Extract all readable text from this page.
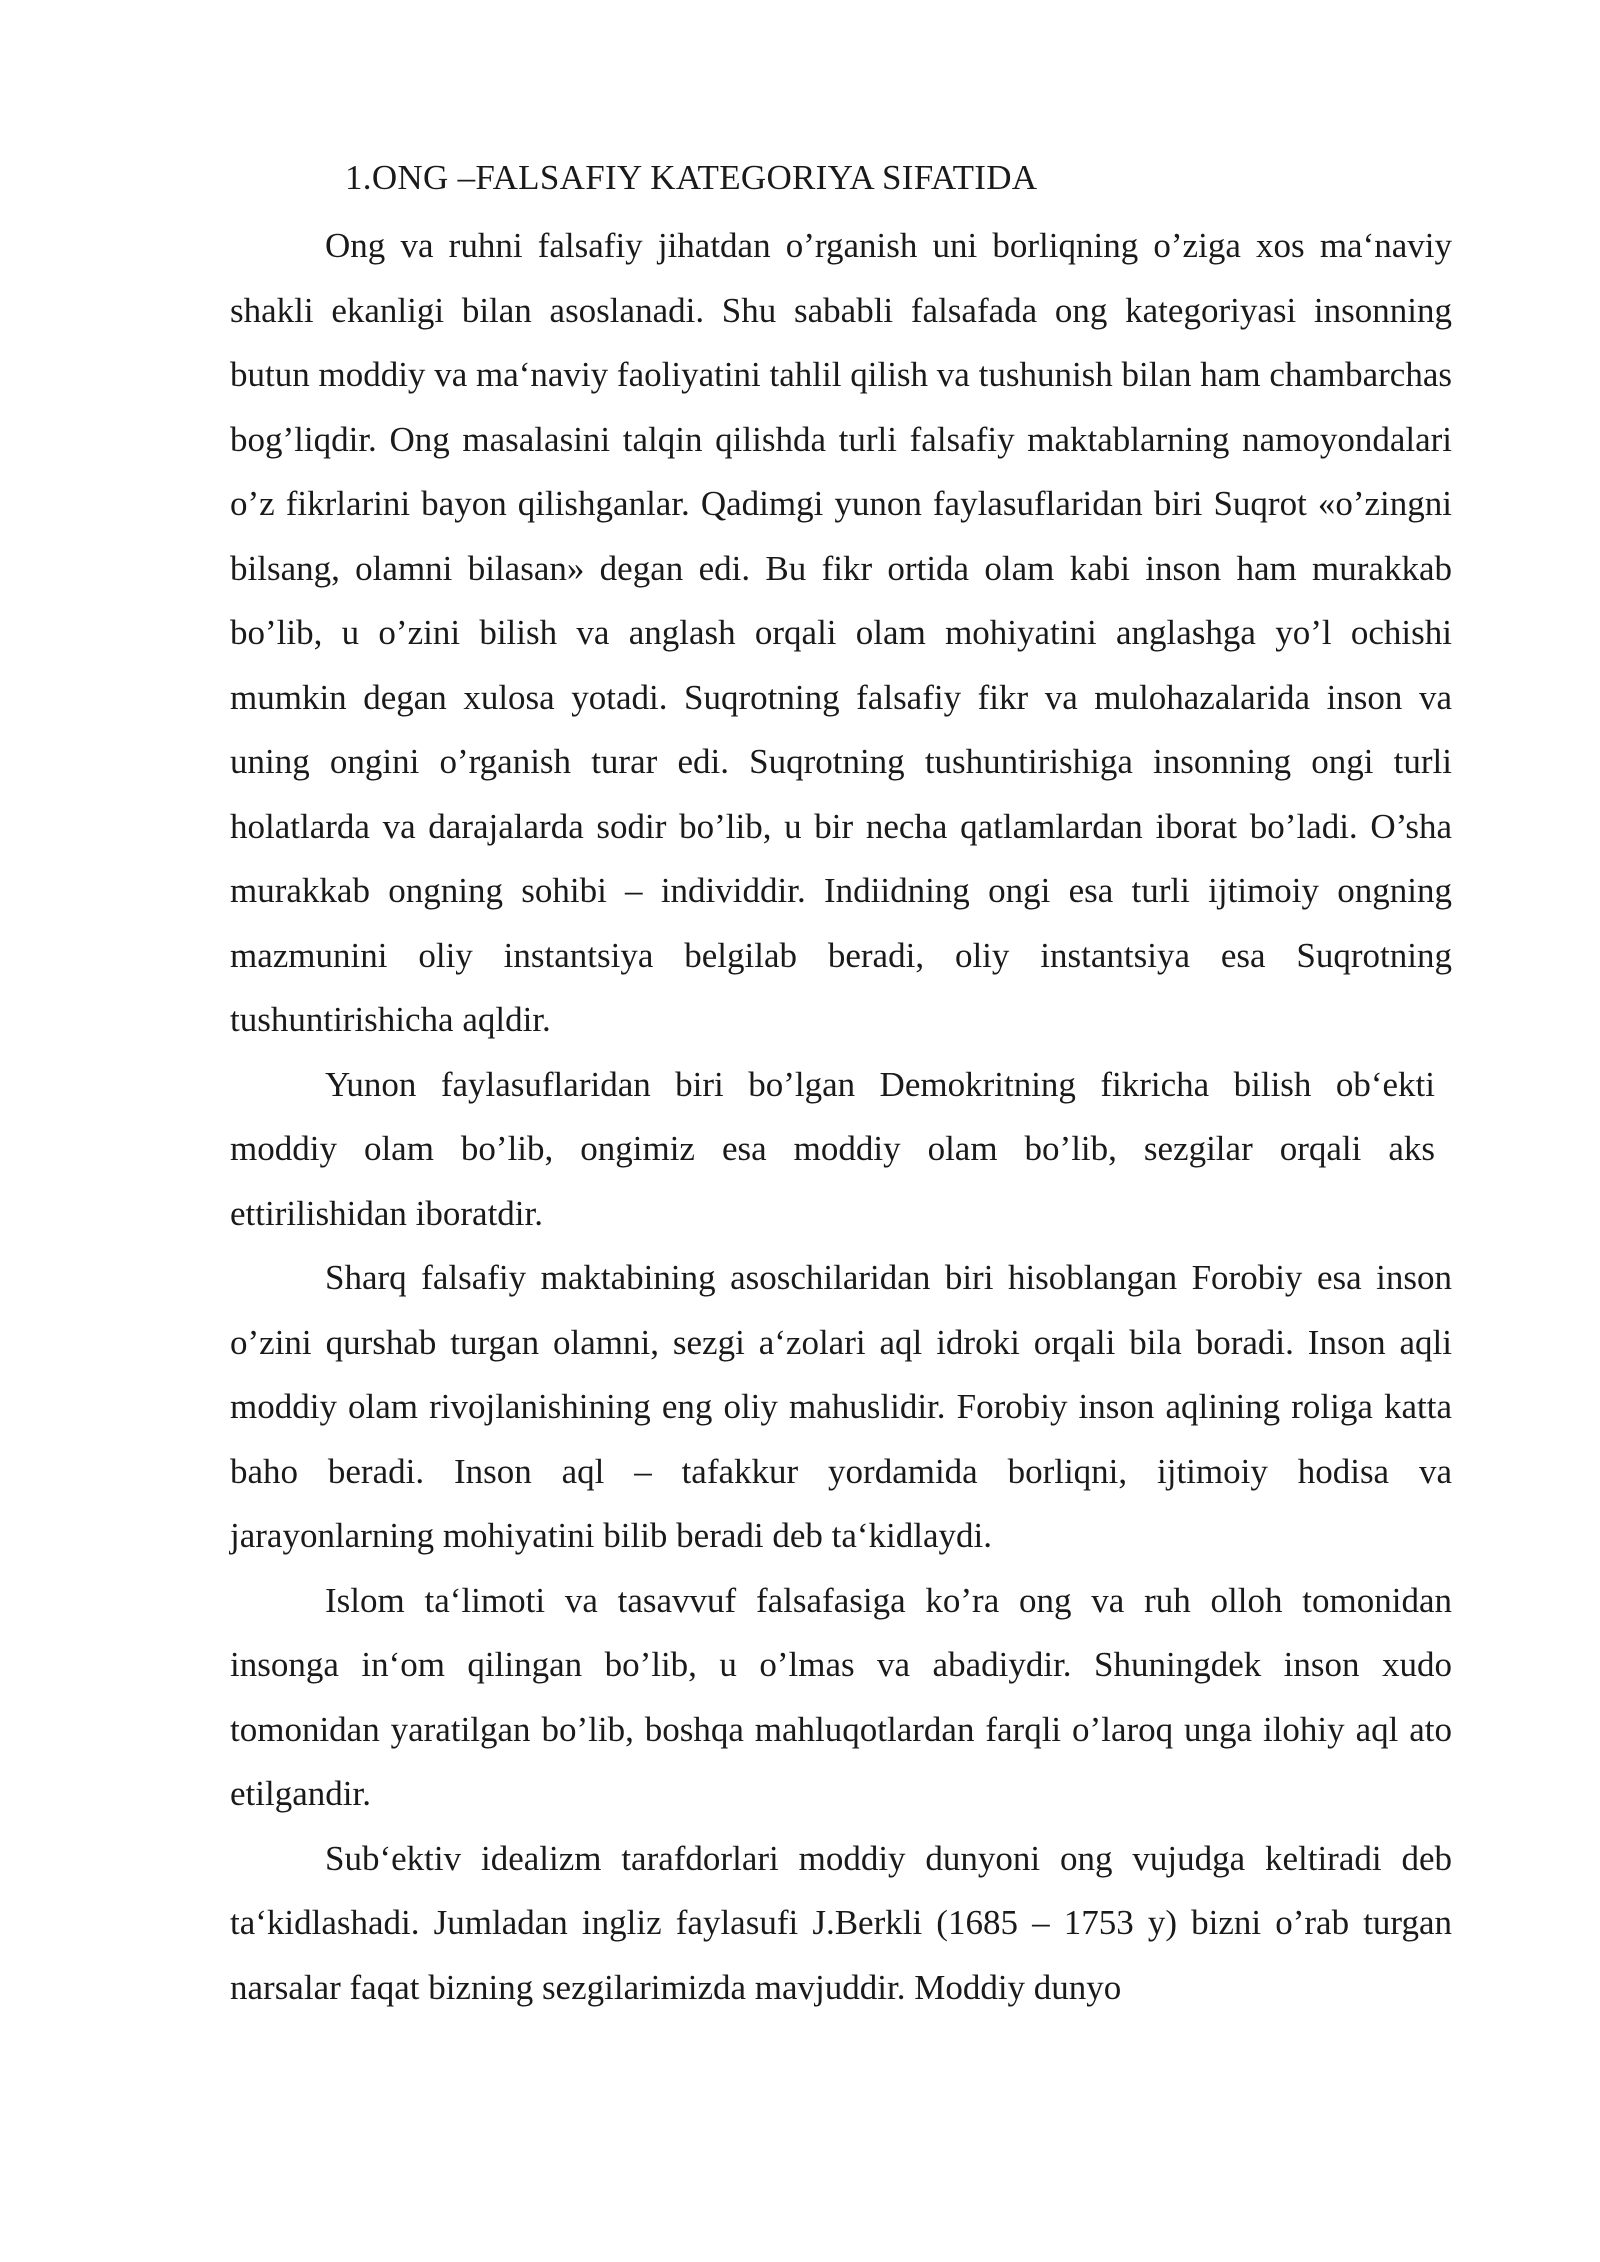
1.ONG –FALSAFIY KATEGORIYA SIFATIDA

Ong va ruhni falsafiy jihatdan o’rganish uni borliqning o’ziga xos ma‘naviy shakli ekanligi bilan asoslanadi. Shu sababli falsafada ong kategoriyasi insonning butun moddiy va ma‘naviy faoliyatini tahlil qilish va tushunish bilan ham chambarchas bog’liqdir. Ong masalasini talqin qilishda turli falsafiy maktablarning namoyondalari o’z fikrlarini bayon qilishganlar. Qadimgi yunon faylasuflaridan biri Suqrot «o’zingni bilsang, olamni bilasan» degan edi. Bu fikr ortida olam kabi inson ham murakkab bo’lib, u o’zini bilish va anglash orqali olam mohiyatini anglashga yo’l ochishi mumkin degan xulosa yotadi. Suqrotning falsafiy fikr va mulohazalarida inson va uning ongini o’rganish turar edi. Suqrotning tushuntirishiga insonning ongi turli holatlarda va darajalarda sodir bo’lib, u bir necha qatlamlardan iborat bo’ladi. O’sha murakkab ongning sohibi – individdir. Indiidning ongi esa turli ijtimoiy ongning mazmunini oliy instantsiya belgilab beradi, oliy instantsiya esa Suqrotning tushuntirishicha aqldir.

Yunon faylasuflaridan biri bo’lgan Demokritning fikricha bilish ob‘ekti moddiy olam bo’lib, ongimiz esa moddiy olam bo’lib, sezgilar orqali aks ettirilishidan iboratdir.

Sharq falsafiy maktabining asoschilaridan biri hisoblangan Forobiy esa inson o’zini qurshab turgan olamni, sezgi a‘zolari aql idroki orqali bila boradi. Inson aqli moddiy olam rivojlanishining eng oliy mahuslidir. Forobiy inson aqlining roliga katta baho beradi. Inson aql – tafakkur yordamida borliqni, ijtimoiy hodisa va jarayonlarning mohiyatini bilib beradi deb ta‘kidlaydi.

Islom ta‘limoti va tasavvuf falsafasiga ko’ra ong va ruh olloh tomonidan insonga in‘om qilingan bo’lib, u o’lmas va abadiydir. Shuningdek inson xudo tomonidan yaratilgan bo’lib, boshqa mahluqotlardan farqli o’laroq unga ilohiy aql ato etilgandir.

Sub‘ektiv idealizm tarafdorlari moddiy dunyoni ong vujudga keltiradi deb ta‘kidlashadi. Jumladan ingliz faylasufi J.Berkli (1685 – 1753 y) bizni o’rab turgan narsalar faqat bizning sezgilarimizda mavjuddir. Moddiy dunyo
